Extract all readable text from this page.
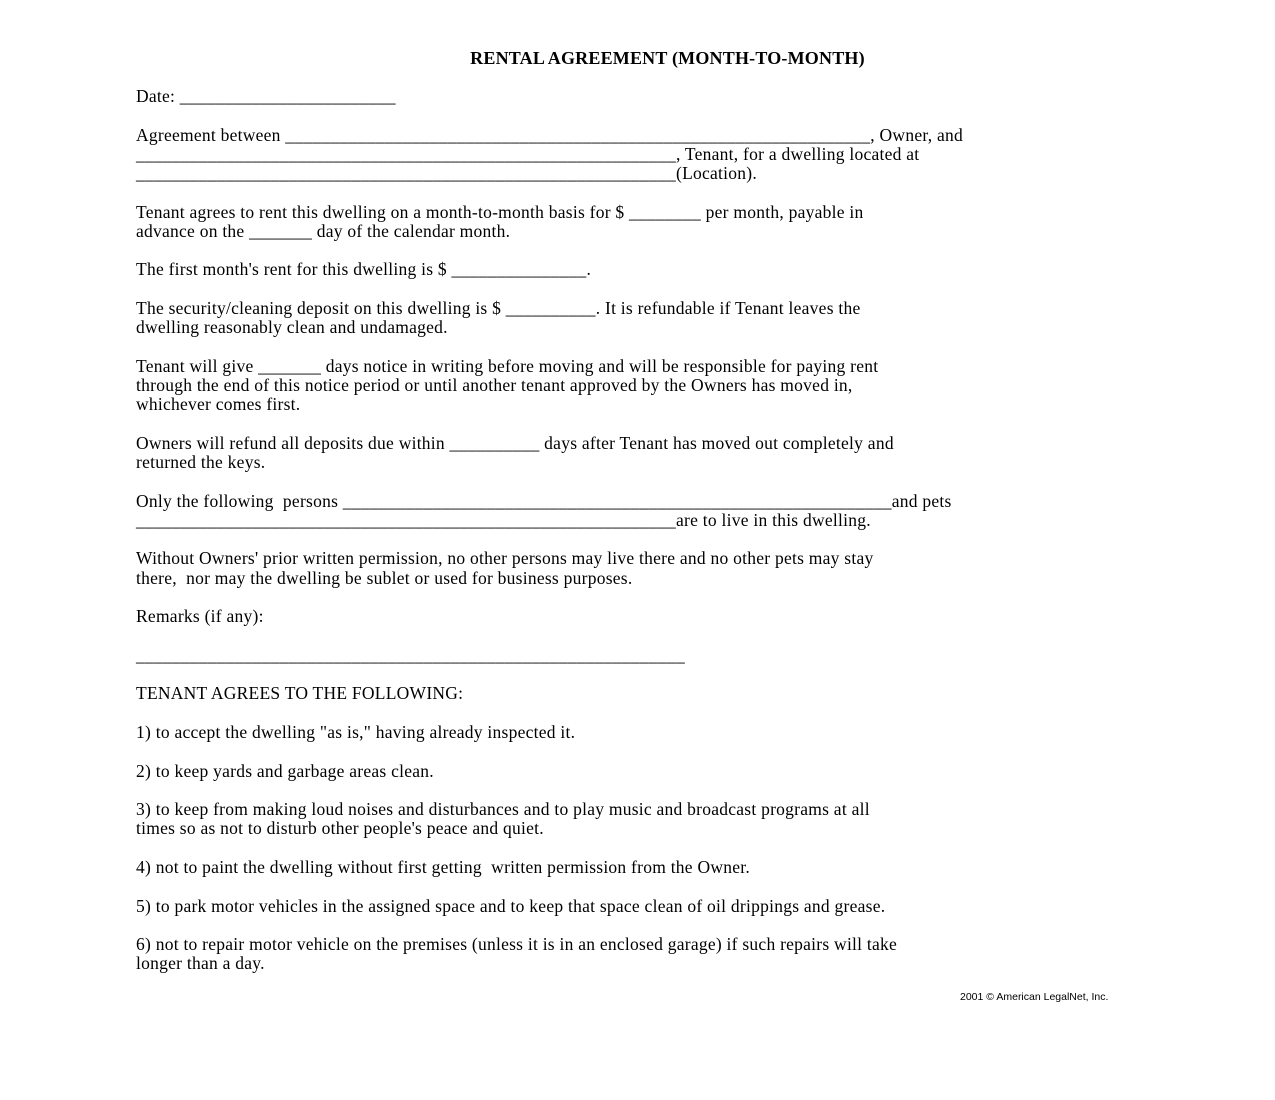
RENTAL AGREEMENT (MONTH-TO-MONTH)

Date: ________________________

Agreement between _________________________________________________________________, Owner, and
____________________________________________________________, Tenant, for a dwelling located at
____________________________________________________________(Location).

Tenant agrees to rent this dwelling on a month-to-month basis for $ ________ per month, payable in
advance on the _______ day of the calendar month.

The first month's rent for this dwelling is $ _______________.

The security/cleaning deposit on this dwelling is $ __________. It is refundable if Tenant leaves the
dwelling reasonably clean and undamaged.

Tenant will give _______ days notice in writing before moving and will be responsible for paying rent
through the end of this notice period or until another tenant approved by the Owners has moved in,
whichever comes first.

Owners will refund all deposits due within __________ days after Tenant has moved out completely and
returned the keys.

Only the following  persons _____________________________________________________________and pets
____________________________________________________________are to live in this dwelling.

Without Owners' prior written permission, no other persons may live there and no other pets may stay
there,  nor may the dwelling be sublet or used for business purposes.

Remarks (if any):

_____________________________________________________________

TENANT AGREES TO THE FOLLOWING:

1) to accept the dwelling "as is," having already inspected it.

2) to keep yards and garbage areas clean.

3) to keep from making loud noises and disturbances and to play music and broadcast programs at all
times so as not to disturb other people's peace and quiet.

4) not to paint the dwelling without first getting  written permission from the Owner.

5) to park motor vehicles in the assigned space and to keep that space clean of oil drippings and grease.

6) not to repair motor vehicle on the premises (unless it is in an enclosed garage) if such repairs will take
longer than a day.

2001 © American LegalNet, Inc.
